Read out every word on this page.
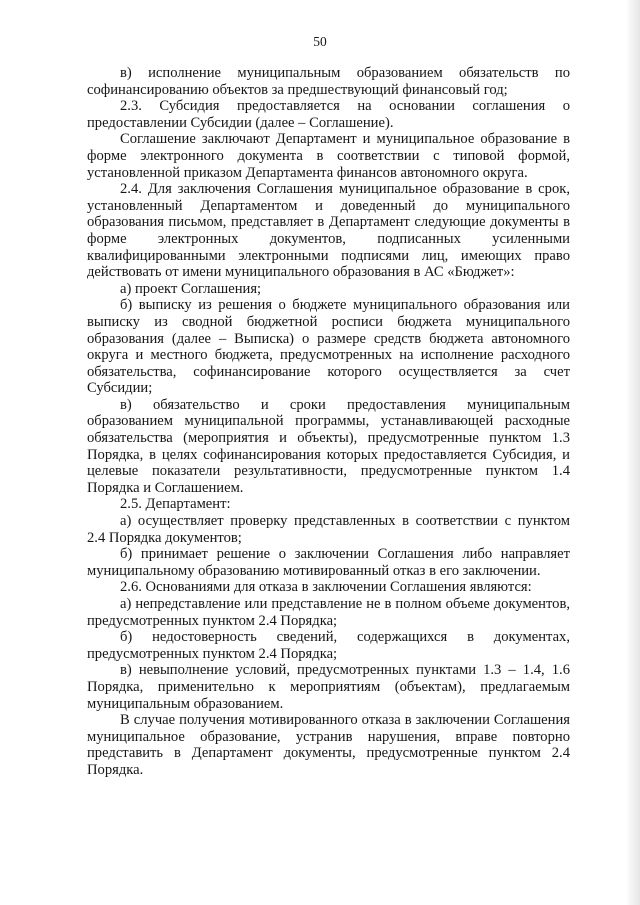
50

в) исполнение муниципальным образованием обязательств по софинансированию объектов за предшествующий финансовый год;

2.3. Субсидия предоставляется на основании соглашения о предоставлении Субсидии (далее – Соглашение).

Соглашение заключают Департамент и муниципальное образование в форме электронного документа в соответствии с типовой формой, установленной приказом Департамента финансов автономного округа.

2.4. Для заключения Соглашения муниципальное образование в срок, установленный Департаментом и доведенный до муниципального образования письмом, представляет в Департамент следующие документы в форме электронных документов, подписанных усиленными квалифицированными электронными подписями лиц, имеющих право действовать от имени муниципального образования в АС «Бюджет»:

а) проект Соглашения;

б) выписку из решения о бюджете муниципального образования или выписку из сводной бюджетной росписи бюджета муниципального образования (далее – Выписка) о размере средств бюджета автономного округа и местного бюджета, предусмотренных на исполнение расходного обязательства, софинансирование которого осуществляется за счет Субсидии;

в) обязательство и сроки предоставления муниципальным образованием муниципальной программы, устанавливающей расходные обязательства (мероприятия и объекты), предусмотренные пунктом 1.3 Порядка, в целях софинансирования которых предоставляется Субсидия, и целевые показатели результативности, предусмотренные пунктом 1.4 Порядка и Соглашением.

2.5. Департамент:

а) осуществляет проверку представленных в соответствии с пунктом 2.4 Порядка документов;

б) принимает решение о заключении Соглашения либо направляет муниципальному образованию мотивированный отказ в его заключении.

2.6. Основаниями для отказа в заключении Соглашения являются:

а) непредставление или представление не в полном объеме документов, предусмотренных пунктом 2.4 Порядка;

б) недостоверность сведений, содержащихся в документах, предусмотренных пунктом 2.4 Порядка;

в) невыполнение условий, предусмотренных пунктами 1.3 – 1.4, 1.6 Порядка, применительно к мероприятиям (объектам), предлагаемым муниципальным образованием.

В случае получения мотивированного отказа в заключении Соглашения муниципальное образование, устранив нарушения, вправе повторно представить в Департамент документы, предусмотренные пунктом 2.4 Порядка.
